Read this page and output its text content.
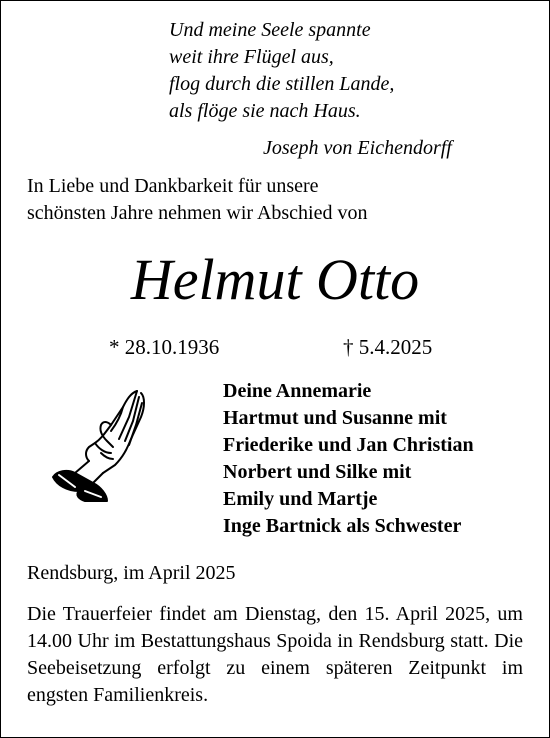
Und meine Seele spannte
weit ihre Flügel aus,
flog durch die stillen Lande,
als flöge sie nach Haus.
Joseph von Eichendorff
In Liebe und Dankbarkeit für unsere
schönsten Jahre nehmen wir Abschied von
Helmut Otto
* 28.10.1936	† 5.4.2025
Deine Annemarie
Hartmut und Susanne mit
Friederike und Jan Christian
Norbert und Silke mit
Emily und Martje
Inge Bartnick als Schwester
Rendsburg, im April 2025
Die Trauerfeier findet am Dienstag, den 15. April 2025, um 14.00 Uhr im Bestattungshaus Spoida in Rendsburg statt. Die Seebeisetzung erfolgt zu einem späteren Zeitpunkt im engsten Familienkreis.
